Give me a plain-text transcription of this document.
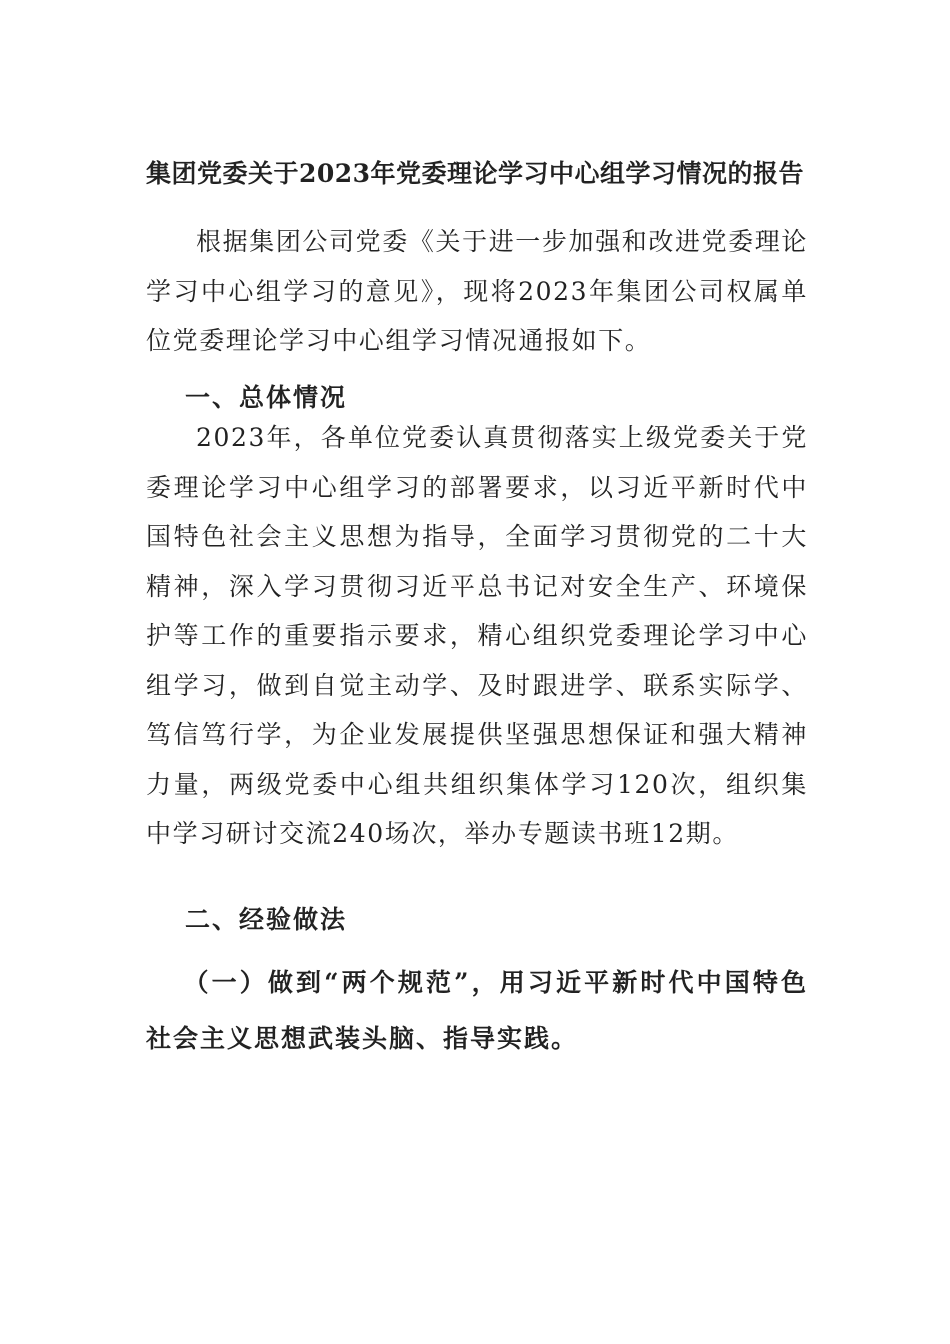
集团党委关于2023年党委理论学习中心组学习情况的报告

根据集团公司党委《关于进一步加强和改进党委理论学习中心组学习的意见》，现将2023年集团公司权属单位党委理论学习中心组学习情况通报如下。

一、总体情况

2023年，各单位党委认真贯彻落实上级党委关于党委理论学习中心组学习的部署要求，以习近平新时代中国特色社会主义思想为指导，全面学习贯彻党的二十大精神，深入学习贯彻习近平总书记对安全生产、环境保护等工作的重要指示要求，精心组织党委理论学习中心组学习，做到自觉主动学、及时跟进学、联系实际学、笃信笃行学，为企业发展提供坚强思想保证和强大精神力量，两级党委中心组共组织集体学习120次，组织集中学习研讨交流240场次，举办专题读书班12期。

二、经验做法

（一）做到“两个规范”，用习近平新时代中国特色社会主义思想武装头脑、指导实践。
